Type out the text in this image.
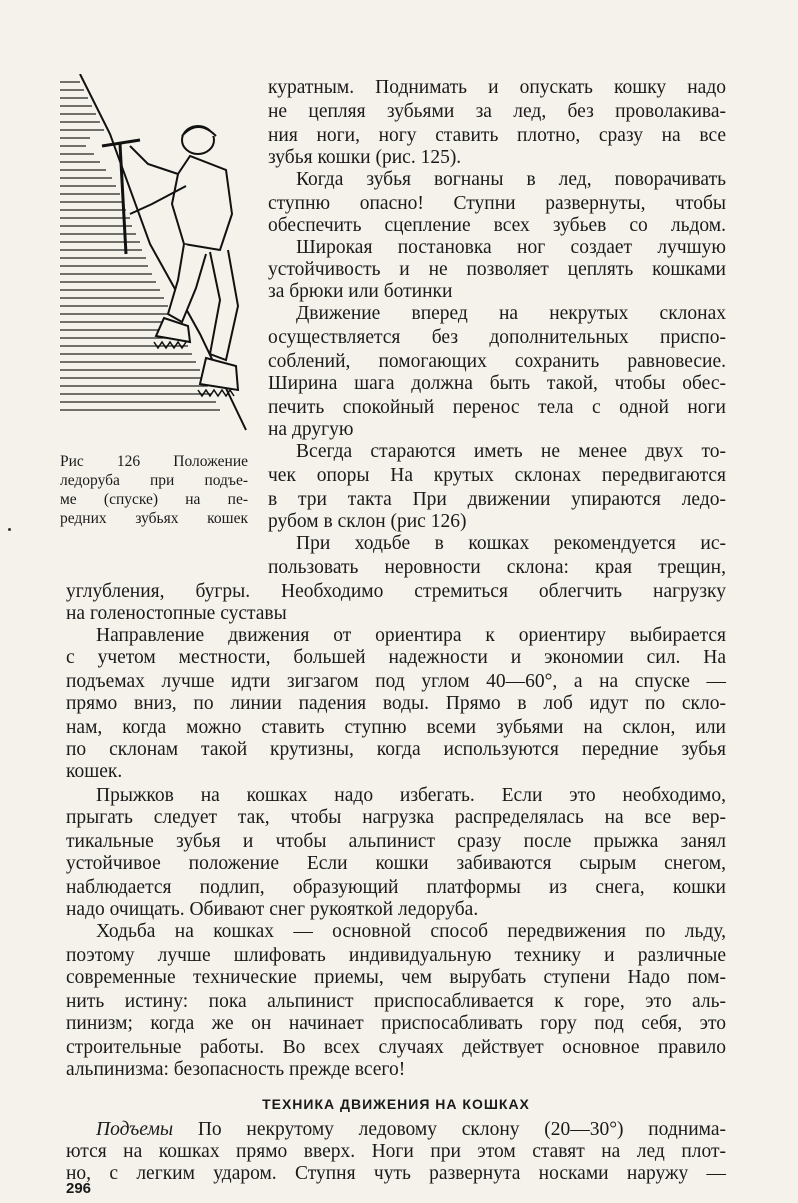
Рис 126 Положение
ледоруба при подъе-
ме (спуске) на пе-
редних зубьях кошек
куратным. Поднимать и опускать кошку надо
не цепляя зубьями за лед, без проволакива-
ния ноги, ногу ставить плотно, сразу на все
зубья кошки (рис. 125).
Когда зубья вогнаны в лед, поворачивать
ступню опасно! Ступни развернуты, чтобы
обеспечить сцепление всех зубьев со льдом.
Широкая постановка ног создает лучшую
устойчивость и не позволяет цеплять кошками
за брюки или ботинки
Движение вперед на некрутых склонах
осуществляется без дополнительных приспо-
соблений, помогающих сохранить равновесие.
Ширина шага должна быть такой, чтобы обес-
печить спокойный перенос тела с одной ноги
на другую
Всегда стараются иметь не менее двух то-
чек опоры На крутых склонах передвигаются
в три такта При движении упираются ледо-
рубом в склон (рис 126)
При ходьбе в кошках рекомендуется ис-
пользовать неровности склона: края трещин,
углубления, бугры. Необходимо стремиться облегчить нагрузку
на голеностопные суставы
Направление движения от ориентира к ориентиру выбирается
с учетом местности, большей надежности и экономии сил. На
подъемах лучше идти зигзагом под углом 40—60°, а на спуске —
прямо вниз, по линии падения воды. Прямо в лоб идут по скло-
нам, когда можно ставить ступню всеми зубьями на склон, или
по склонам такой крутизны, когда используются передние зубья
кошек.
Прыжков на кошках надо избегать. Если это необходимо,
прыгать следует так, чтобы нагрузка распределялась на все вер-
тикальные зубья и чтобы альпинист сразу после прыжка занял
устойчивое положение Если кошки забиваются сырым снегом,
наблюдается подлип, образующий платформы из снега, кошки
надо очищать. Обивают снег рукояткой ледоруба.
Ходьба на кошках — основной способ передвижения по льду,
поэтому лучше шлифовать индивидуальную технику и различные
современные технические приемы, чем вырубать ступени Надо пом-
нить истину: пока альпинист приспосабливается к горе, это аль-
пинизм; когда же он начинает приспосабливать гору под себя, это
строительные работы. Во всех случаях действует основное правило
альпинизма: безопасность прежде всего!
ТЕХНИКА ДВИЖЕНИЯ НА КОШКАХ
Подъемы По некрутому ледовому склону (20—30°) поднима-
ются на кошках прямо вверх. Ноги при этом ставят на лед плот-
но, с легким ударом. Ступня чуть развернута носками наружу —
296
